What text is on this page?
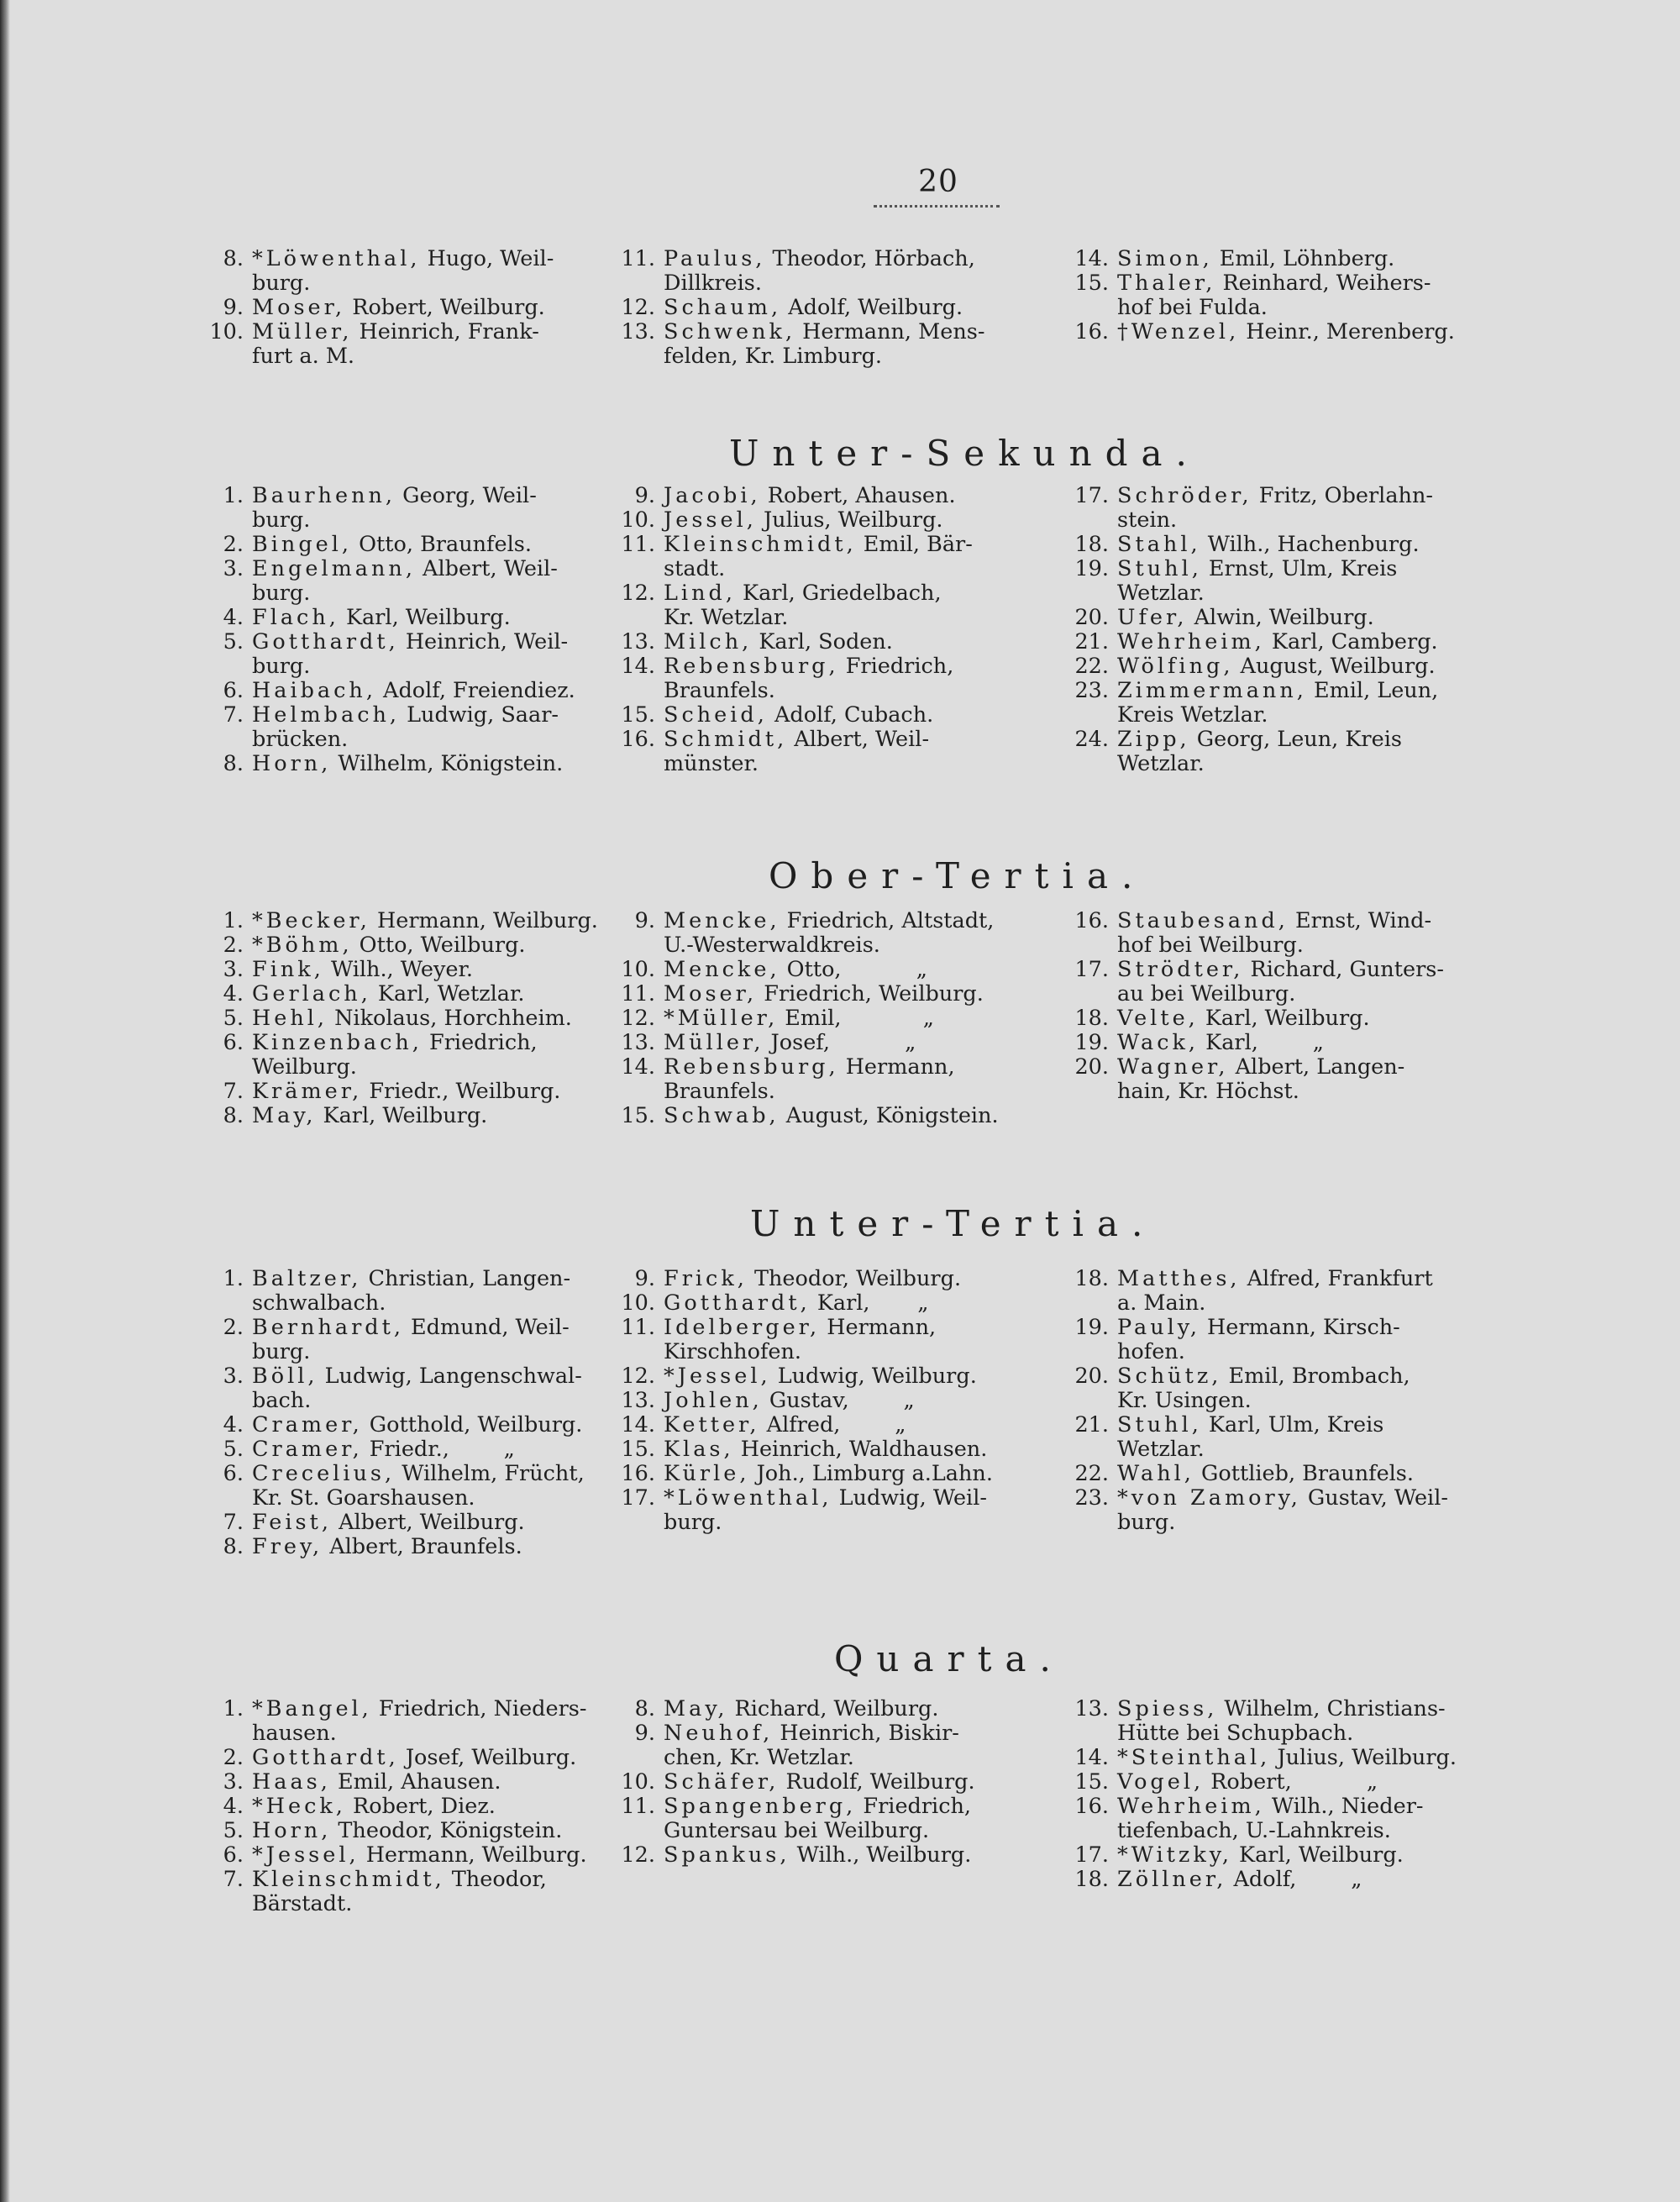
20
Unter-Sekunda.
Ober-Tertia.
Unter-Tertia.
Quarta.
8. *Löwenthal, Hugo, Weil-
burg.
9. Moser, Robert, Weilburg.
10. Müller, Heinrich, Frank-
furt a. M.
11. Paulus, Theodor, Hörbach,
Dillkreis.
12. Schaum, Adolf, Weilburg.
13. Schwenk, Hermann, Mens-
felden, Kr. Limburg.
14. Simon, Emil, Löhnberg.
15. Thaler, Reinhard, Weihers-
hof bei Fulda.
16. †Wenzel, Heinr., Merenberg.
1. Baurhenn, Georg, Weil-
burg.
2. Bingel, Otto, Braunfels.
3. Engelmann, Albert, Weil-
burg.
4. Flach, Karl, Weilburg.
5. Gotthardt, Heinrich, Weil-
burg.
6. Haibach, Adolf, Freiendiez.
7. Helmbach, Ludwig, Saar-
brücken.
8. Horn, Wilhelm, Königstein.
9. Jacobi, Robert, Ahausen.
10. Jessel, Julius, Weilburg.
11. Kleinschmidt, Emil, Bär-
stadt.
12. Lind, Karl, Griedelbach,
Kr. Wetzlar.
13. Milch, Karl, Soden.
14. Rebensburg, Friedrich,
Braunfels.
15. Scheid, Adolf, Cubach.
16. Schmidt, Albert, Weil-
münster.
17. Schröder, Fritz, Oberlahn-
stein.
18. Stahl, Wilh., Hachenburg.
19. Stuhl, Ernst, Ulm, Kreis
Wetzlar.
20. Ufer, Alwin, Weilburg.
21. Wehrheim, Karl, Camberg.
22. Wölfing, August, Weilburg.
23. Zimmermann, Emil, Leun,
Kreis Wetzlar.
24. Zipp, Georg, Leun, Kreis
Wetzlar.
1. *Becker, Hermann, Weilburg.
2. *Böhm, Otto, Weilburg.
3. Fink, Wilh., Weyer.
4. Gerlach, Karl, Wetzlar.
5. Hehl, Nikolaus, Horchheim.
6. Kinzenbach, Friedrich,
Weilburg.
7. Krämer, Friedr., Weilburg.
8. May, Karl, Weilburg.
9. Mencke, Friedrich, Altstadt,
U.-Westerwaldkreis.
10. Mencke, Otto,           „
11. Moser, Friedrich, Weilburg.
12. *Müller, Emil,            „
13. Müller, Josef,           „
14. Rebensburg, Hermann,
Braunfels.
15. Schwab, August, Königstein.
16. Staubesand, Ernst, Wind-
hof bei Weilburg.
17. Strödter, Richard, Gunters-
au bei Weilburg.
18. Velte, Karl, Weilburg.
19. Wack, Karl,        „
20. Wagner, Albert, Langen-
hain, Kr. Höchst.
1. Baltzer, Christian, Langen-
schwalbach.
2. Bernhardt, Edmund, Weil-
burg.
3. Böll, Ludwig, Langenschwal-
bach.
4. Cramer, Gotthold, Weilburg.
5. Cramer, Friedr.,        „
6. Crecelius, Wilhelm, Frücht,
Kr. St. Goarshausen.
7. Feist, Albert, Weilburg.
8. Frey, Albert, Braunfels.
9. Frick, Theodor, Weilburg.
10. Gotthardt, Karl,       „
11. Idelberger, Hermann,
Kirschhofen.
12. *Jessel, Ludwig, Weilburg.
13. Johlen, Gustav,        „
14. Ketter, Alfred,        „
15. Klas, Heinrich, Waldhausen.
16. Kürle, Joh., Limburg a.Lahn.
17. *Löwenthal, Ludwig, Weil-
burg.
18. Matthes, Alfred, Frankfurt
a. Main.
19. Pauly, Hermann, Kirsch-
hofen.
20. Schütz, Emil, Brombach,
Kr. Usingen.
21. Stuhl, Karl, Ulm, Kreis
Wetzlar.
22. Wahl, Gottlieb, Braunfels.
23. *von Zamory, Gustav, Weil-
burg.
1. *Bangel, Friedrich, Nieders-
hausen.
2. Gotthardt, Josef, Weilburg.
3. Haas, Emil, Ahausen.
4. *Heck, Robert, Diez.
5. Horn, Theodor, Königstein.
6. *Jessel, Hermann, Weilburg.
7. Kleinschmidt, Theodor,
Bärstadt.
8. May, Richard, Weilburg.
9. Neuhof, Heinrich, Biskir-
chen, Kr. Wetzlar.
10. Schäfer, Rudolf, Weilburg.
11. Spangenberg, Friedrich,
Guntersau bei Weilburg.
12. Spankus, Wilh., Weilburg.
13. Spiess, Wilhelm, Christians-
Hütte bei Schupbach.
14. *Steinthal, Julius, Weilburg.
15. Vogel, Robert,           „
16. Wehrheim, Wilh., Nieder-
tiefenbach, U.-Lahnkreis.
17. *Witzky, Karl, Weilburg.
18. Zöllner, Adolf,        „
